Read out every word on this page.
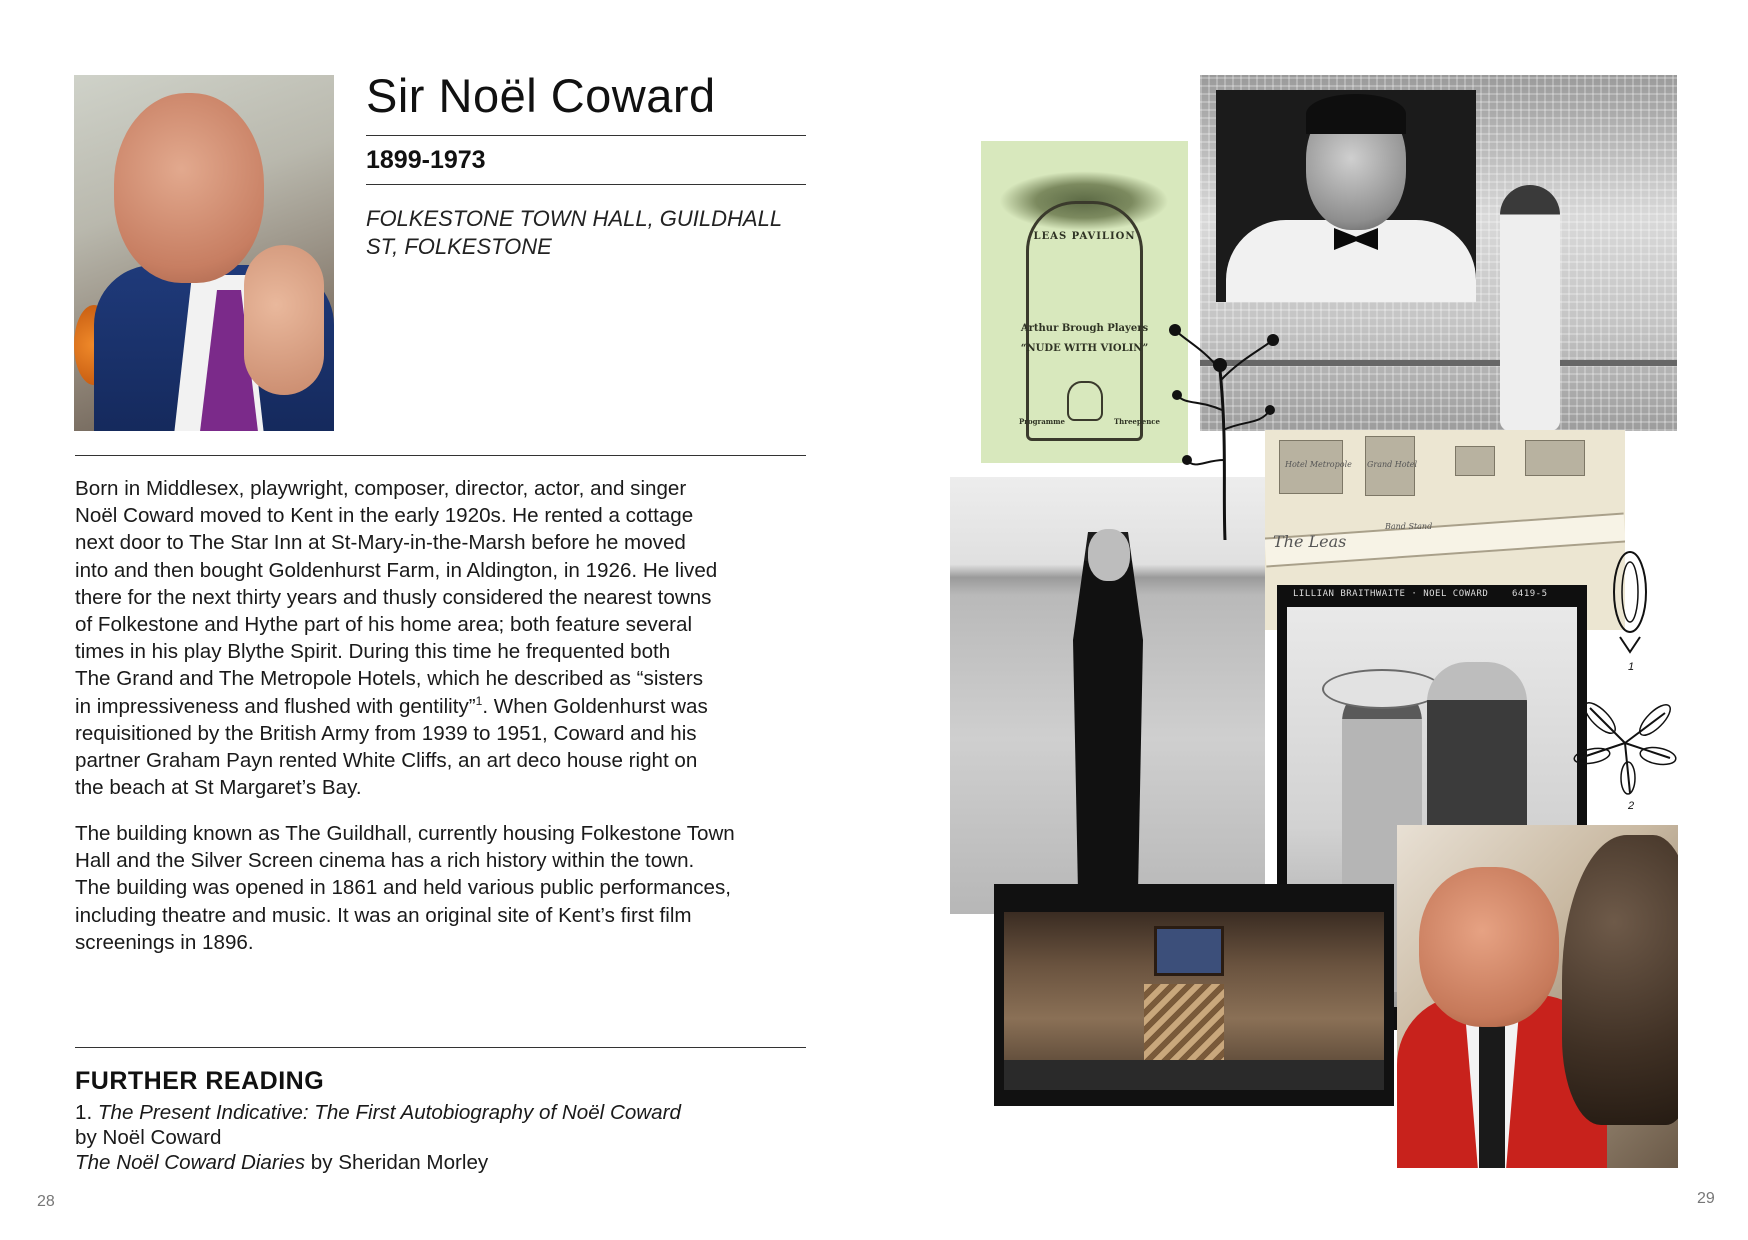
Sir Noël Coward
1899-1973
FOLKESTONE TOWN HALL, GUILDHALL ST, FOLKESTONE
Born in Middlesex, playwright, composer, director, actor, and singer
Noël Coward moved to Kent in the early 1920s. He rented a cottage
next door to The Star Inn at St-Mary-in-the-Marsh before he moved
into and then bought Goldenhurst Farm, in Aldington, in 1926. He lived
there for the next thirty years and thusly considered the nearest towns
of Folkestone and Hythe part of his home area; both feature several
times in his play Blythe Spirit. During this time he frequented both
The Grand and The Metropole Hotels, which he described as “sisters
in impressiveness and flushed with gentility”$^1$. When Goldenhurst was
requisitioned by the British Army from 1939 to 1951, Coward and his
partner Graham Payn rented White Cliffs, an art deco house right on
the beach at St Margaret’s Bay.
The building known as The Guildhall, currently housing Folkestone Town
Hall and the Silver Screen cinema has a rich history within the town.
The building was opened in 1861 and held various public performances,
including theatre and music. It was an original site of Kent’s first film
screenings in 1896.
FURTHER READING
1. The Present Indicative: The First Autobiography of Noël Coward
by Noël Coward
The Noël Coward Diaries by Sheridan Morley
28
LEAS PAVILION
Arthur Brough Players
“NUDE WITH VIOLIN”
Programme	Threepence
Hotel Metropole Grand Hotel
The Leas
Band Stand
LILLIAN BRAITHWAITE · NOEL COWARD	6419-5
1
2
29
